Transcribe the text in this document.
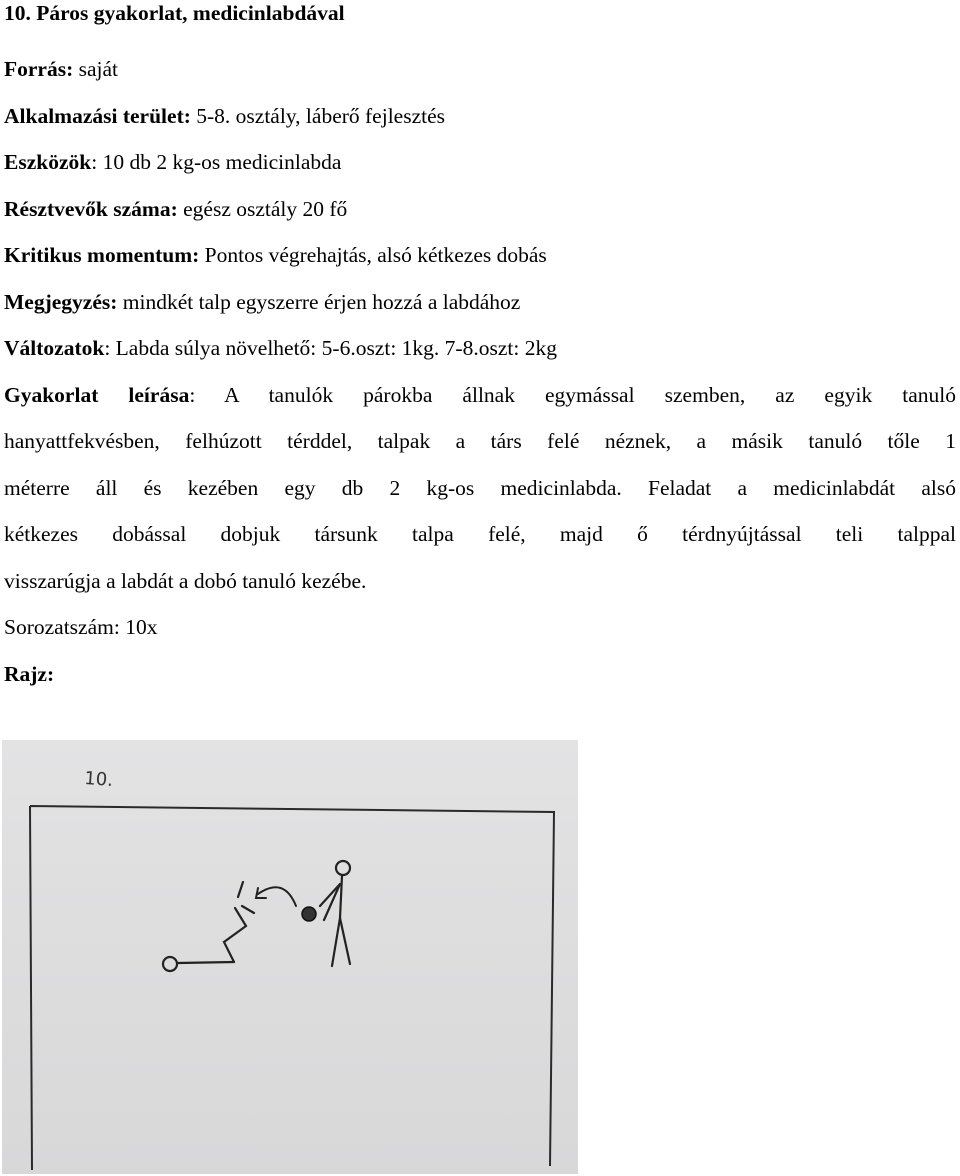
10. Páros gyakorlat, medicinlabdával

Forrás: saját

Alkalmazási terület: 5-8. osztály, láberő fejlesztés

Eszközök: 10 db 2 kg-os medicinlabda

Résztvevők száma: egész osztály 20 fő

Kritikus momentum: Pontos végrehajtás, alsó kétkezes dobás

Megjegyzés: mindkét talp egyszerre érjen hozzá a labdához

Változatok: Labda súlya növelhető: 5-6.oszt: 1kg. 7-8.oszt: 2kg

Gyakorlat leírása: A tanulók párokba állnak egymással szemben, az egyik tanuló
hanyattfekvésben, felhúzott térddel, talpak a társ felé néznek, a másik tanuló tőle 1
méterre áll és kezében egy db 2 kg-os medicinlabda. Feladat a medicinlabdát alsó
kétkezes dobással dobjuk társunk talpa felé, majd ő térdnyújtással teli talppal
visszarúgja a labdát a dobó tanuló kezébe.

Sorozatszám: 10x

Rajz:

10.
